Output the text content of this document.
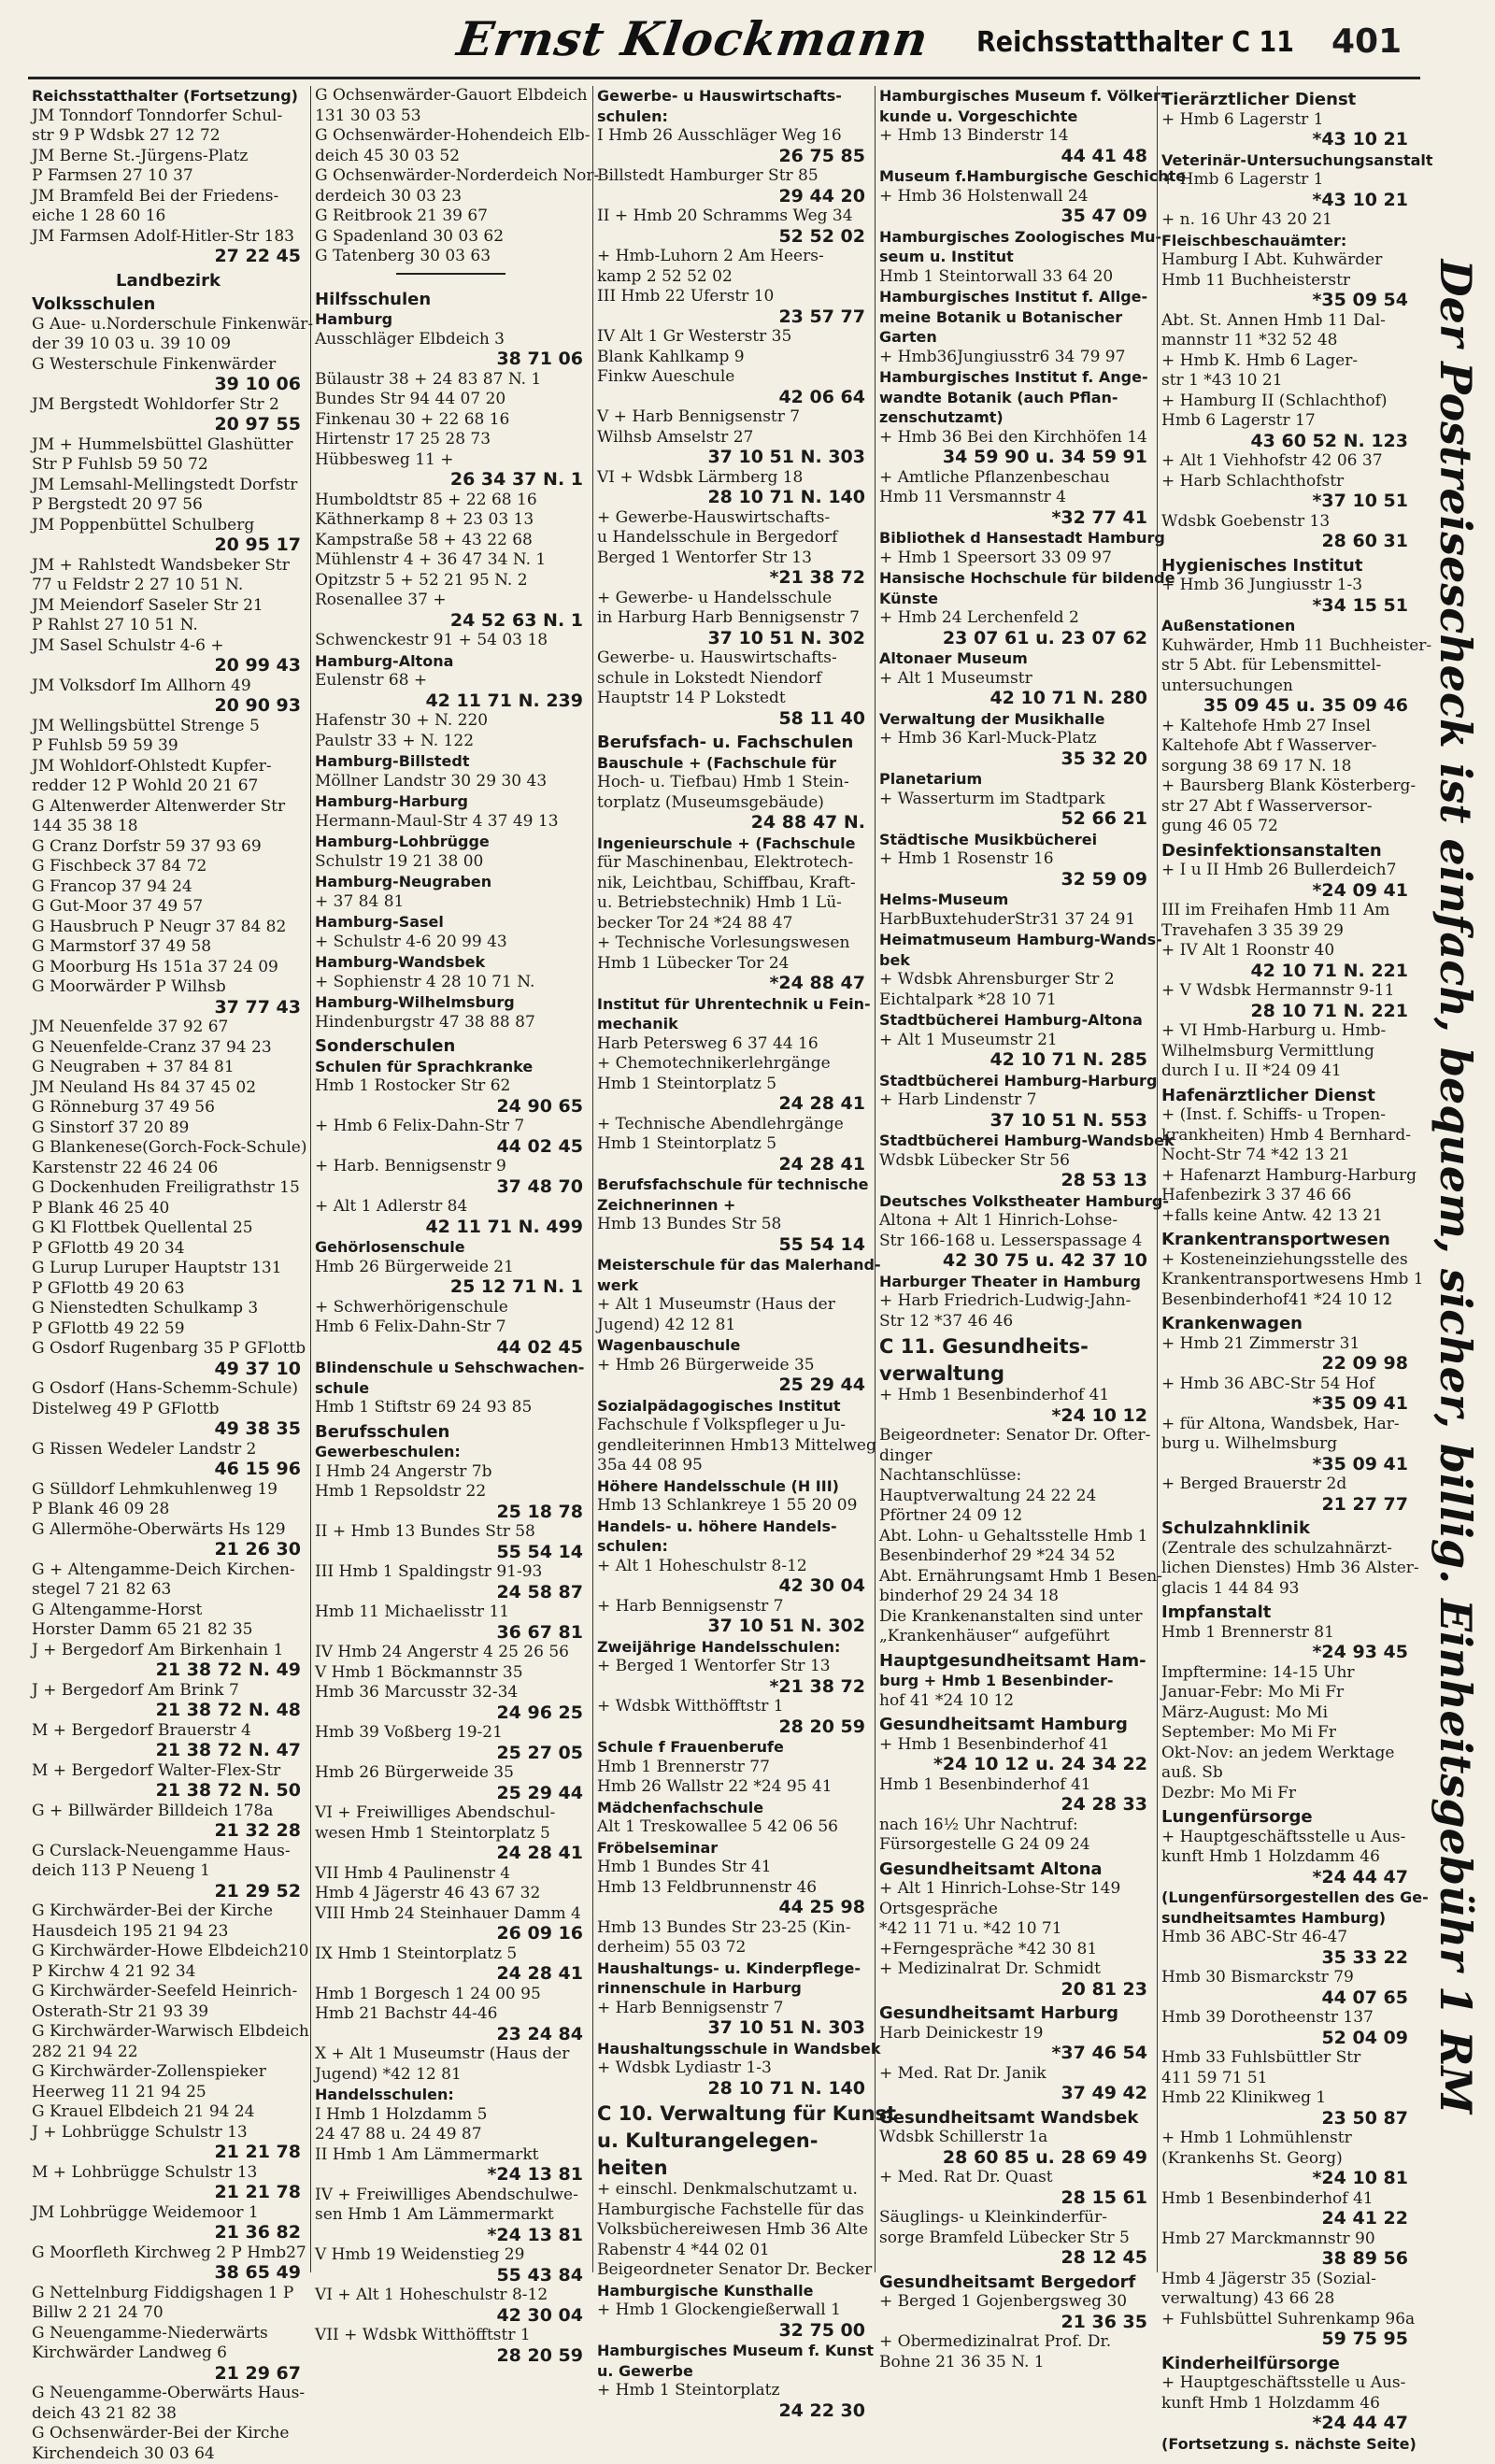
Ernst Klockmann Reichsstatthalter C 11 401
Reichsstatthalter (Fortsetzung)
JM Tonndorf Tonndorfer Schul-
str 9 P Wdsbk 27 12 72
JM Berne St.-Jürgens-Platz
P Farmsen 27 10 37
JM Bramfeld Bei der Friedens-
eiche 1 28 60 16
JM Farmsen Adolf-Hitler-Str 183
27 22 45
Landbezirk
Volksschulen
G Aue- u.Norderschule Finkenwär-
der 39 10 03 u. 39 10 09
G Westerschule Finkenwärder
39 10 06
JM Bergstedt Wohldorfer Str 2
20 97 55
JM + Hummelsbüttel Glashütter
Str P Fuhlsb 59 50 72
JM Lemsahl-Mellingstedt Dorfstr
P Bergstedt 20 97 56
JM Poppenbüttel Schulberg
20 95 17
JM + Rahlstedt Wandsbeker Str
77 u Feldstr 2 27 10 51 N.
JM Meiendorf Saseler Str 21
P Rahlst 27 10 51 N.
JM Sasel Schulstr 4-6 +
20 99 43
JM Volksdorf Im Allhorn 49
20 90 93
JM Wellingsbüttel Strenge 5
P Fuhlsb 59 59 39
JM Wohldorf-Ohlstedt Kupfer-
redder 12 P Wohld 20 21 67
G Altenwerder Altenwerder Str
144 35 38 18
G Cranz Dorfstr 59 37 93 69
G Fischbeck 37 84 72
G Francop 37 94 24
G Gut-Moor 37 49 57
G Hausbruch P Neugr 37 84 82
G Marmstorf 37 49 58
G Moorburg Hs 151a 37 24 09
G Moorwärder P Wilhsb
37 77 43
JM Neuenfelde 37 92 67
G Neuenfelde-Cranz 37 94 23
G Neugraben + 37 84 81
JM Neuland Hs 84 37 45 02
G Rönneburg 37 49 56
G Sinstorf 37 20 89
G Blankenese(Gorch-Fock-Schule)
Karstenstr 22 46 24 06
G Dockenhuden Freiligrathstr 15
P Blank 46 25 40
G Kl Flottbek Quellental 25
P GFlottb 49 20 34
G Lurup Luruper Hauptstr 131
P GFlottb 49 20 63
G Nienstedten Schulkamp 3
P GFlottb 49 22 59
G Osdorf Rugenbarg 35 P GFlottb
49 37 10
G Osdorf (Hans-Schemm-Schule)
Distelweg 49 P GFlottb
49 38 35
G Rissen Wedeler Landstr 2
46 15 96
G Sülldorf Lehmkuhlenweg 19
P Blank 46 09 28
G Allermöhe-Oberwärts Hs 129
21 26 30
G + Altengamme-Deich Kirchen-
stegel 7 21 82 63
G Altengamme-Horst
Horster Damm 65 21 82 35
J + Bergedorf Am Birkenhain 1
21 38 72 N. 49
J + Bergedorf Am Brink 7
21 38 72 N. 48
M + Bergedorf Brauerstr 4
21 38 72 N. 47
M + Bergedorf Walter-Flex-Str
21 38 72 N. 50
G + Billwärder Billdeich 178a
21 32 28
G Curslack-Neuengamme Haus-
deich 113 P Neueng 1
21 29 52
G Kirchwärder-Bei der Kirche
Hausdeich 195 21 94 23
G Kirchwärder-Howe Elbdeich210
P Kirchw 4 21 92 34
G Kirchwärder-Seefeld Heinrich-
Osterath-Str 21 93 39
G Kirchwärder-Warwisch Elbdeich
282 21 94 22
G Kirchwärder-Zollenspieker
Heerweg 11 21 94 25
G Krauel Elbdeich 21 94 24
J + Lohbrügge Schulstr 13
21 21 78
M + Lohbrügge Schulstr 13
21 21 78
JM Lohbrügge Weidemoor 1
21 36 82
G Moorfleth Kirchweg 2 P Hmb27
38 65 49
G Nettelnburg Fiddigshagen 1 P
Billw 2 21 24 70
G Neuengamme-Niederwärts
Kirchwärder Landweg 6
21 29 67
G Neuengamme-Oberwärts Haus-
deich 43 21 82 38
G Ochsenwärder-Bei der Kirche
Kirchendeich 30 03 64
G Ochsenwärder-Gauort Elbdeich
131 30 03 53
G Ochsenwärder-Hohendeich Elb-
deich 45 30 03 52
G Ochsenwärder-Norderdeich Nor-
derdeich 30 03 23
G Reitbrook 21 39 67
G Spadenland 30 03 62
G Tatenberg 30 03 63
Hilfsschulen
Hamburg
Ausschläger Elbdeich 3
38 71 06
Bülaustr 38 + 24 83 87 N. 1
Bundes Str 94 44 07 20
Finkenau 30 + 22 68 16
Hirtenstr 17 25 28 73
Hübbesweg 11 +
26 34 37 N. 1
Humboldtstr 85 + 22 68 16
Käthnerkamp 8 + 23 03 13
Kampstraße 58 + 43 22 68
Mühlenstr 4 + 36 47 34 N. 1
Opitzstr 5 + 52 21 95 N. 2
Rosenallee 37 +
24 52 63 N. 1
Schwenckestr 91 + 54 03 18
Hamburg-Altona
Eulenstr 68 +
42 11 71 N. 239
Hafenstr 30 + N. 220
Paulstr 33 + N. 122
Hamburg-Billstedt
Möllner Landstr 30 29 30 43
Hamburg-Harburg
Hermann-Maul-Str 4 37 49 13
Hamburg-Lohbrügge
Schulstr 19 21 38 00
Hamburg-Neugraben
+ 37 84 81
Hamburg-Sasel
+ Schulstr 4-6 20 99 43
Hamburg-Wandsbek
+ Sophienstr 4 28 10 71 N.
Hamburg-Wilhelmsburg
Hindenburgstr 47 38 88 87
Sonderschulen
Schulen für Sprachkranke
Hmb 1 Rostocker Str 62
24 90 65
+ Hmb 6 Felix-Dahn-Str 7
44 02 45
+ Harb. Bennigsenstr 9
37 48 70
+ Alt 1 Adlerstr 84
42 11 71 N. 499
Gehörlosenschule
Hmb 26 Bürgerweide 21
25 12 71 N. 1
+ Schwerhörigenschule
Hmb 6 Felix-Dahn-Str 7
44 02 45
Blindenschule u Sehschwachen-
schule
Hmb 1 Stiftstr 69 24 93 85
Berufsschulen
Gewerbeschulen:
I Hmb 24 Angerstr 7b
Hmb 1 Repsoldstr 22
25 18 78
II + Hmb 13 Bundes Str 58
55 54 14
III Hmb 1 Spaldingstr 91-93
24 58 87
Hmb 11 Michaelisstr 11
36 67 81
IV Hmb 24 Angerstr 4 25 26 56
V Hmb 1 Böckmannstr 35
Hmb 36 Marcusstr 32-34
24 96 25
Hmb 39 Voßberg 19-21
25 27 05
Hmb 26 Bürgerweide 35
25 29 44
VI + Freiwilliges Abendschul-
wesen Hmb 1 Steintorplatz 5
24 28 41
VII Hmb 4 Paulinenstr 4
Hmb 4 Jägerstr 46 43 67 32
VIII Hmb 24 Steinhauer Damm 4
26 09 16
IX Hmb 1 Steintorplatz 5
24 28 41
Hmb 1 Borgesch 1 24 00 95
Hmb 21 Bachstr 44-46
23 24 84
X + Alt 1 Museumstr (Haus der
Jugend) *42 12 81
Handelsschulen:
I Hmb 1 Holzdamm 5
24 47 88 u. 24 49 87
II Hmb 1 Am Lämmermarkt
*24 13 81
IV + Freiwilliges Abendschulwe-
sen Hmb 1 Am Lämmermarkt
*24 13 81
V Hmb 19 Weidenstieg 29
55 43 84
VI + Alt 1 Hoheschulstr 8-12
42 30 04
VII + Wdsbk Witthöfftstr 1
28 20 59
Gewerbe- u Hauswirtschafts-
schulen:
I Hmb 26 Ausschläger Weg 16
26 75 85
Billstedt Hamburger Str 85
29 44 20
II + Hmb 20 Schramms Weg 34
52 52 02
+ Hmb-Luhorn 2 Am Heers-
kamp 2 52 52 02
III Hmb 22 Uferstr 10
23 57 77
IV Alt 1 Gr Westerstr 35
Blank Kahlkamp 9
Finkw Aueschule
42 06 64
V + Harb Bennigsenstr 7
Wilhsb Amselstr 27
37 10 51 N. 303
VI + Wdsbk Lärmberg 18
28 10 71 N. 140
+ Gewerbe-Hauswirtschafts-
u Handelsschule in Bergedorf
Berged 1 Wentorfer Str 13
*21 38 72
+ Gewerbe- u Handelsschule
in Harburg Harb Bennigsenstr 7
37 10 51 N. 302
Gewerbe- u. Hauswirtschafts-
schule in Lokstedt Niendorf
Hauptstr 14 P Lokstedt
58 11 40
Berufsfach- u. Fachschulen
Bauschule + (Fachschule für
Hoch- u. Tiefbau) Hmb 1 Stein-
torplatz (Museumsgebäude)
24 88 47 N.
Ingenieurschule + (Fachschule
für Maschinenbau, Elektrotech-
nik, Leichtbau, Schiffbau, Kraft-
u. Betriebstechnik) Hmb 1 Lü-
becker Tor 24 *24 88 47
+ Technische Vorlesungswesen
Hmb 1 Lübecker Tor 24
*24 88 47
Institut für Uhrentechnik u Fein-
mechanik
Harb Petersweg 6 37 44 16
+ Chemotechnikerlehrgänge
Hmb 1 Steintorplatz 5
24 28 41
+ Technische Abendlehrgänge
Hmb 1 Steintorplatz 5
24 28 41
Berufsfachschule für technische
Zeichnerinnen +
Hmb 13 Bundes Str 58
55 54 14
Meisterschule für das Malerhand-
werk
+ Alt 1 Museumstr (Haus der
Jugend) 42 12 81
Wagenbauschule
+ Hmb 26 Bürgerweide 35
25 29 44
Sozialpädagogisches Institut
Fachschule f Volkspfleger u Ju-
gendleiterinnen Hmb13 Mittelweg
35a 44 08 95
Höhere Handelsschule (H III)
Hmb 13 Schlankreye 1 55 20 09
Handels- u. höhere Handels-
schulen:
+ Alt 1 Hoheschulstr 8-12
42 30 04
+ Harb Bennigsenstr 7
37 10 51 N. 302
Zweijährige Handelsschulen:
+ Berged 1 Wentorfer Str 13
*21 38 72
+ Wdsbk Witthöfftstr 1
28 20 59
Schule f Frauenberufe
Hmb 1 Brennerstr 77
Hmb 26 Wallstr 22 *24 95 41
Mädchenfachschule
Alt 1 Treskowallee 5 42 06 56
Fröbelseminar
Hmb 1 Bundes Str 41
Hmb 13 Feldbrunnenstr 46
44 25 98
Hmb 13 Bundes Str 23-25 (Kin-
derheim) 55 03 72
Haushaltungs- u. Kinderpflege-
rinnenschule in Harburg
+ Harb Bennigsenstr 7
37 10 51 N. 303
Haushaltungsschule in Wandsbek
+ Wdsbk Lydiastr 1-3
28 10 71 N. 140
C 10. Verwaltung für Kunst
u. Kulturangelegen-
heiten
+ einschl. Denkmalschutzamt u.
Hamburgische Fachstelle für das
Volksbüchereiwesen Hmb 36 Alte
Rabenstr 4 *44 02 01
Beigeordneter Senator Dr. Becker
Hamburgische Kunsthalle
+ Hmb 1 Glockengießerwall 1
32 75 00
Hamburgisches Museum f. Kunst
u. Gewerbe
+ Hmb 1 Steintorplatz
24 22 30
Hamburgisches Museum f. Völker-
kunde u. Vorgeschichte
+ Hmb 13 Binderstr 14
44 41 48
Museum f.Hamburgische Geschichte
+ Hmb 36 Holstenwall 24
35 47 09
Hamburgisches Zoologisches Mu-
seum u. Institut
Hmb 1 Steintorwall 33 64 20
Hamburgisches Institut f. Allge-
meine Botanik u Botanischer
Garten
+ Hmb36Jungiusstr6 34 79 97
Hamburgisches Institut f. Ange-
wandte Botanik (auch Pflan-
zenschutzamt)
+ Hmb 36 Bei den Kirchhöfen 14
34 59 90 u. 34 59 91
+ Amtliche Pflanzenbeschau
Hmb 11 Versmannstr 4
*32 77 41
Bibliothek d Hansestadt Hamburg
+ Hmb 1 Speersort 33 09 97
Hansische Hochschule für bildende
Künste
+ Hmb 24 Lerchenfeld 2
23 07 61 u. 23 07 62
Altonaer Museum
+ Alt 1 Museumstr
42 10 71 N. 280
Verwaltung der Musikhalle
+ Hmb 36 Karl-Muck-Platz
35 32 20
Planetarium
+ Wasserturm im Stadtpark
52 66 21
Städtische Musikbücherei
+ Hmb 1 Rosenstr 16
32 59 09
Helms-Museum
HarbBuxtehuderStr31 37 24 91
Heimatmuseum Hamburg-Wands-
bek
+ Wdsbk Ahrensburger Str 2
Eichtalpark *28 10 71
Stadtbücherei Hamburg-Altona
+ Alt 1 Museumstr 21
42 10 71 N. 285
Stadtbücherei Hamburg-Harburg
+ Harb Lindenstr 7
37 10 51 N. 553
Stadtbücherei Hamburg-Wandsbek
Wdsbk Lübecker Str 56
28 53 13
Deutsches Volkstheater Hamburg-
Altona + Alt 1 Hinrich-Lohse-
Str 166-168 u. Lesserspassage 4
42 30 75 u. 42 37 10
Harburger Theater in Hamburg
+ Harb Friedrich-Ludwig-Jahn-
Str 12 *37 46 46
C 11. Gesundheits-
verwaltung
+ Hmb 1 Besenbinderhof 41
*24 10 12
Beigeordneter: Senator Dr. Ofter-
dinger
Nachtanschlüsse:
Hauptverwaltung 24 22 24
Pförtner 24 09 12
Abt. Lohn- u Gehaltsstelle Hmb 1
Besenbinderhof 29 *24 34 52
Abt. Ernährungsamt Hmb 1 Besen-
binderhof 29 24 34 18
Die Krankenanstalten sind unter
„Krankenhäuser“ aufgeführt
Hauptgesundheitsamt Ham-
burg + Hmb 1 Besenbinder-
hof 41 *24 10 12
Gesundheitsamt Hamburg
+ Hmb 1 Besenbinderhof 41
*24 10 12 u. 24 34 22
Hmb 1 Besenbinderhof 41
24 28 33
nach 16½ Uhr Nachtruf:
Fürsorgestelle G 24 09 24
Gesundheitsamt Altona
+ Alt 1 Hinrich-Lohse-Str 149
Ortsgespräche
*42 11 71 u. *42 10 71
+Ferngespräche *42 30 81
+ Medizinalrat Dr. Schmidt
20 81 23
Gesundheitsamt Harburg
Harb Deinickestr 19
*37 46 54
+ Med. Rat Dr. Janik
37 49 42
Gesundheitsamt Wandsbek
Wdsbk Schillerstr 1a
28 60 85 u. 28 69 49
+ Med. Rat Dr. Quast
28 15 61
Säuglings- u Kleinkinderfür-
sorge Bramfeld Lübecker Str 5
28 12 45
Gesundheitsamt Bergedorf
+ Berged 1 Gojenbergsweg 30
21 36 35
+ Obermedizinalrat Prof. Dr.
Bohne 21 36 35 N. 1
Tierärztlicher Dienst
+ Hmb 6 Lagerstr 1
*43 10 21
Veterinär-Untersuchungsanstalt
+ Hmb 6 Lagerstr 1
*43 10 21
+ n. 16 Uhr 43 20 21
Fleischbeschauämter:
Hamburg I Abt. Kuhwärder
Hmb 11 Buchheisterstr
*35 09 54
Abt. St. Annen Hmb 11 Dal-
mannstr 11 *32 52 48
+ Hmb K. Hmb 6 Lager-
str 1 *43 10 21
+ Hamburg II (Schlachthof)
Hmb 6 Lagerstr 17
43 60 52 N. 123
+ Alt 1 Viehhofstr 42 06 37
+ Harb Schlachthofstr
*37 10 51
Wdsbk Goebenstr 13
28 60 31
Hygienisches Institut
+ Hmb 36 Jungiusstr 1-3
*34 15 51
Außenstationen
Kuhwärder, Hmb 11 Buchheister-
str 5 Abt. für Lebensmittel-
untersuchungen
35 09 45 u. 35 09 46
+ Kaltehofe Hmb 27 Insel
Kaltehofe Abt f Wasserver-
sorgung 38 69 17 N. 18
+ Baursberg Blank Kösterberg-
str 27 Abt f Wasserversor-
gung 46 05 72
Desinfektionsanstalten
+ I u II Hmb 26 Bullerdeich7
*24 09 41
III im Freihafen Hmb 11 Am
Travehafen 3 35 39 29
+ IV Alt 1 Roonstr 40
42 10 71 N. 221
+ V Wdsbk Hermannstr 9-11
28 10 71 N. 221
+ VI Hmb-Harburg u. Hmb-
Wilhelmsburg Vermittlung
durch I u. II *24 09 41
Hafenärztlicher Dienst
+ (Inst. f. Schiffs- u Tropen-
krankheiten) Hmb 4 Bernhard-
Nocht-Str 74 *42 13 21
+ Hafenarzt Hamburg-Harburg
Hafenbezirk 3 37 46 66
+falls keine Antw. 42 13 21
Krankentransportwesen
+ Kosteneinziehungsstelle des
Krankentransportwesens Hmb 1
Besenbinderhof41 *24 10 12
Krankenwagen
+ Hmb 21 Zimmerstr 31
22 09 98
+ Hmb 36 ABC-Str 54 Hof
*35 09 41
+ für Altona, Wandsbek, Har-
burg u. Wilhelmsburg
*35 09 41
+ Berged Brauerstr 2d
21 27 77
Schulzahnklinik
(Zentrale des schulzahnärzt-
lichen Dienstes) Hmb 36 Alster-
glacis 1 44 84 93
Impfanstalt
Hmb 1 Brennerstr 81
*24 93 45
Impftermine: 14-15 Uhr
Januar-Febr: Mo Mi Fr
März-August: Mo Mi
September: Mo Mi Fr
Okt-Nov: an jedem Werktage
auß. Sb
Dezbr: Mo Mi Fr
Lungenfürsorge
+ Hauptgeschäftsstelle u Aus-
kunft Hmb 1 Holzdamm 46
*24 44 47
(Lungenfürsorgestellen des Ge-
sundheitsamtes Hamburg)
Hmb 36 ABC-Str 46-47
35 33 22
Hmb 30 Bismarckstr 79
44 07 65
Hmb 39 Dorotheenstr 137
52 04 09
Hmb 33 Fuhlsbüttler Str
411 59 71 51
Hmb 22 Klinikweg 1
23 50 87
+ Hmb 1 Lohmühlenstr
(Krankenhs St. Georg)
*24 10 81
Hmb 1 Besenbinderhof 41
24 41 22
Hmb 27 Marckmannstr 90
38 89 56
Hmb 4 Jägerstr 35 (Sozial-
verwaltung) 43 66 28
+ Fuhlsbüttel Suhrenkamp 96a
59 75 95
Kinderheilfürsorge
+ Hauptgeschäftsstelle u Aus-
kunft Hmb 1 Holzdamm 46
*24 44 47
(Fortsetzung s. nächste Seite)
Der Postreisescheck ist einfach, bequem, sicher, billig. Einheitsgebühr 1 RM
